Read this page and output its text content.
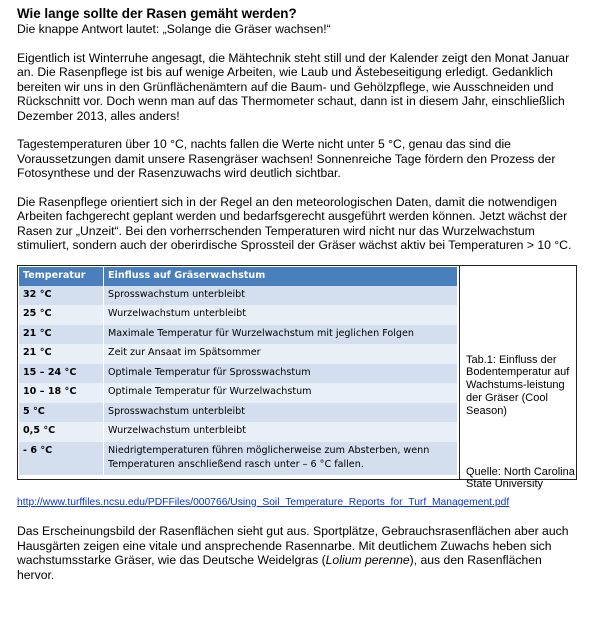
Wie lange sollte der Rasen gemäht werden?
Die knappe Antwort lautet: „Solange die Gräser wachsen!“

Eigentlich ist Winterruhe angesagt, die Mähtechnik steht still und der Kalender zeigt den Monat Januar an. Die Rasenpflege ist bis auf wenige Arbeiten, wie Laub und Ästebeseitigung erledigt. Gedanklich bereiten wir uns in den Grünflächenämtern auf die Baum- und Gehölzpflege, wie Ausschneiden und Rückschnitt vor. Doch wenn man auf das Thermometer schaut, dann ist in diesem Jahr, einschließlich Dezember 2013, alles anders!

Tagestemperaturen über 10 °C, nachts fallen die Werte nicht unter 5 °C, genau das sind die Voraussetzungen damit unsere Rasengräser wachsen! Sonnenreiche Tage fördern den Prozess der Fotosynthese und der Rasenzuwachs wird deutlich sichtbar.

Die Rasenpflege orientiert sich in der Regel an den meteorologischen Daten, damit die notwendigen Arbeiten fachgerecht geplant werden und bedarfsgerecht ausgeführt werden können. Jetzt wächst der Rasen zur „Unzeit“. Bei den vorherrschenden Temperaturen wird nicht nur das Wurzelwachstum stimuliert, sondern auch der oberirdische Sprossteil der Gräser wächst aktiv bei Temperaturen > 10 °C.

Temperatur	Einfluss auf Gräserwachstum
32 °C	Sprosswachstum unterbleibt
25 °C	Wurzelwachstum unterbleibt
21 °C	Maximale Temperatur für Wurzelwachstum mit jeglichen Folgen
21 °C	Zeit zur Ansaat im Spätsommer
15 – 24 °C	Optimale Temperatur für Sprosswachstum
10 – 18 °C	Optimale Temperatur für Wurzelwachstum
5 °C	Sprosswachstum unterbleibt
0,5 °C	Wurzelwachstum unterbleibt
- 6 °C	Niedrigtemperaturen führen möglicherweise zum Absterben, wenn Temperaturen anschließend rasch unter – 6 °C fallen.
Tab.1: Einfluss der Bodentemperatur auf Wachstums-leistung der Gräser (Cool Season)
Quelle: North Carolina State University
http://www.turffiles.ncsu.edu/PDFFiles/000766/Using_Soil_Temperature_Reports_for_Turf_Management.pdf

Das Erscheinungsbild der Rasenflächen sieht gut aus. Sportplätze, Gebrauchsrasenflächen aber auch Hausgärten zeigen eine vitale und ansprechende Rasennarbe. Mit deutlichem Zuwachs heben sich wachstumsstarke Gräser, wie das Deutsche Weidelgras (Lolium perenne), aus den Rasenflächen hervor.
